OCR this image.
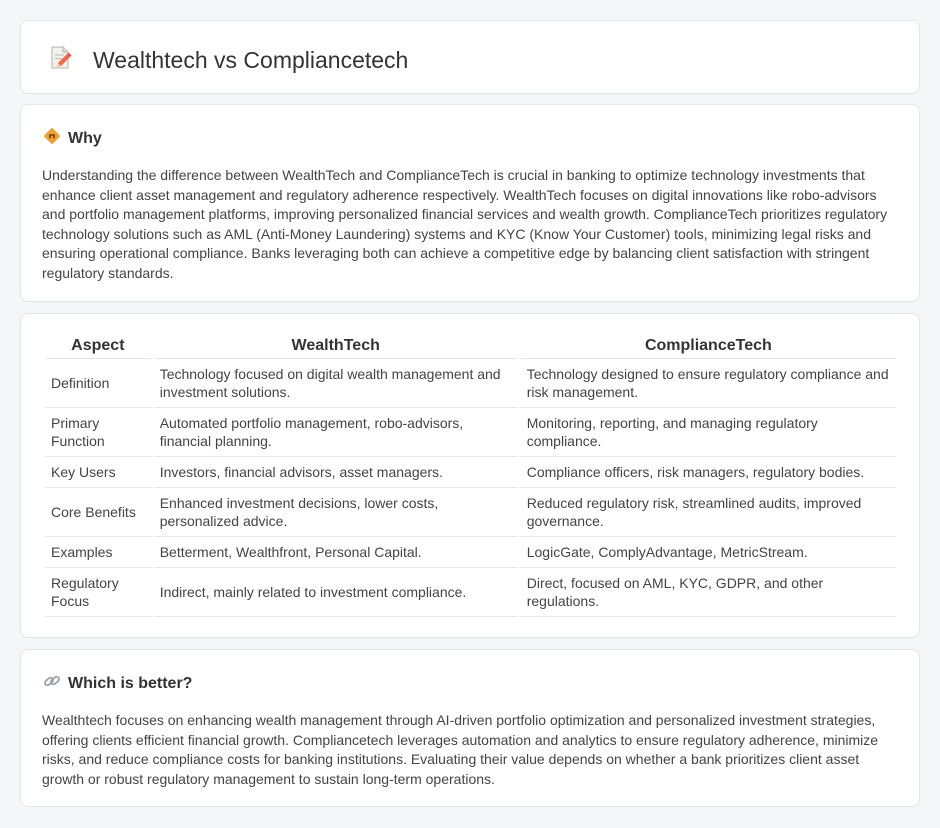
Wealthtech vs Compliancetech
Why

Understanding the difference between WealthTech and ComplianceTech is crucial in banking to optimize technology investments that enhance client asset management and regulatory adherence respectively. WealthTech focuses on digital innovations like robo-advisors and portfolio management platforms, improving personalized financial services and wealth growth. ComplianceTech prioritizes regulatory technology solutions such as AML (Anti-Money Laundering) systems and KYC (Know Your Customer) tools, minimizing legal risks and ensuring operational compliance. Banks leveraging both can achieve a competitive edge by balancing client satisfaction with stringent regulatory standards.

Aspect	WealthTech	ComplianceTech
Definition	Technology focused on digital wealth management and investment solutions.	Technology designed to ensure regulatory compliance and risk management.
Primary Function	Automated portfolio management, robo-advisors, financial planning.	Monitoring, reporting, and managing regulatory compliance.
Key Users	Investors, financial advisors, asset managers.	Compliance officers, risk managers, regulatory bodies.
Core Benefits	Enhanced investment decisions, lower costs, personalized advice.	Reduced regulatory risk, streamlined audits, improved governance.
Examples	Betterment, Wealthfront, Personal Capital.	LogicGate, ComplyAdvantage, MetricStream.
Regulatory Focus	Indirect, mainly related to investment compliance.	Direct, focused on AML, KYC, GDPR, and other regulations.
Which is better?

Wealthtech focuses on enhancing wealth management through AI-driven portfolio optimization and personalized investment strategies, offering clients efficient financial growth. Compliancetech leverages automation and analytics to ensure regulatory adherence, minimize risks, and reduce compliance costs for banking institutions. Evaluating their value depends on whether a bank prioritizes client asset growth or robust regulatory management to sustain long-term operations.
